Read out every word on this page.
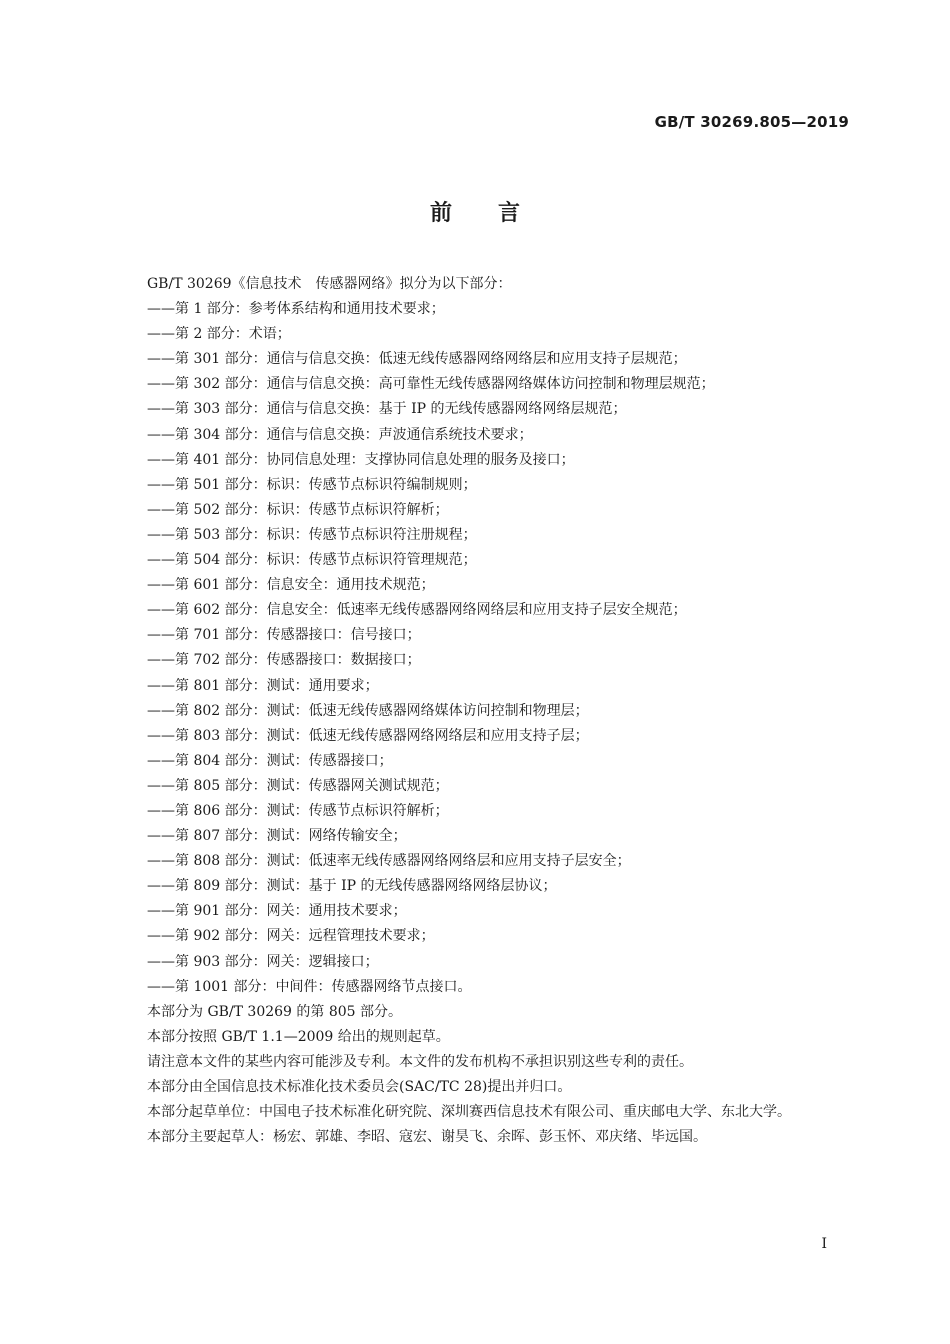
GB/T 30269.805—2019
前 言
GB/T 30269《信息技术　传感器网络》拟分为以下部分：
——第 1 部分：参考体系结构和通用技术要求；
——第 2 部分：术语；
——第 301 部分：通信与信息交换：低速无线传感器网络网络层和应用支持子层规范；
——第 302 部分：通信与信息交换：高可靠性无线传感器网络媒体访问控制和物理层规范；
——第 303 部分：通信与信息交换：基于 IP 的无线传感器网络网络层规范；
——第 304 部分：通信与信息交换：声波通信系统技术要求；
——第 401 部分：协同信息处理：支撑协同信息处理的服务及接口；
——第 501 部分：标识：传感节点标识符编制规则；
——第 502 部分：标识：传感节点标识符解析；
——第 503 部分：标识：传感节点标识符注册规程；
——第 504 部分：标识：传感节点标识符管理规范；
——第 601 部分：信息安全：通用技术规范；
——第 602 部分：信息安全：低速率无线传感器网络网络层和应用支持子层安全规范；
——第 701 部分：传感器接口：信号接口；
——第 702 部分：传感器接口：数据接口；
——第 801 部分：测试：通用要求；
——第 802 部分：测试：低速无线传感器网络媒体访问控制和物理层；
——第 803 部分：测试：低速无线传感器网络网络层和应用支持子层；
——第 804 部分：测试：传感器接口；
——第 805 部分：测试：传感器网关测试规范；
——第 806 部分：测试：传感节点标识符解析；
——第 807 部分：测试：网络传输安全；
——第 808 部分：测试：低速率无线传感器网络网络层和应用支持子层安全；
——第 809 部分：测试：基于 IP 的无线传感器网络网络层协议；
——第 901 部分：网关：通用技术要求；
——第 902 部分：网关：远程管理技术要求；
——第 903 部分：网关：逻辑接口；
——第 1001 部分：中间件：传感器网络节点接口。
本部分为 GB/T 30269 的第 805 部分。
本部分按照 GB/T 1.1—2009 给出的规则起草。
请注意本文件的某些内容可能涉及专利。本文件的发布机构不承担识别这些专利的责任。
本部分由全国信息技术标准化技术委员会(SAC/TC 28)提出并归口。
本部分起草单位：中国电子技术标准化研究院、深圳赛西信息技术有限公司、重庆邮电大学、东北大学。
本部分主要起草人：杨宏、郭雄、李昭、寇宏、谢昊飞、余晖、彭玉怀、邓庆绪、毕远国。
I
